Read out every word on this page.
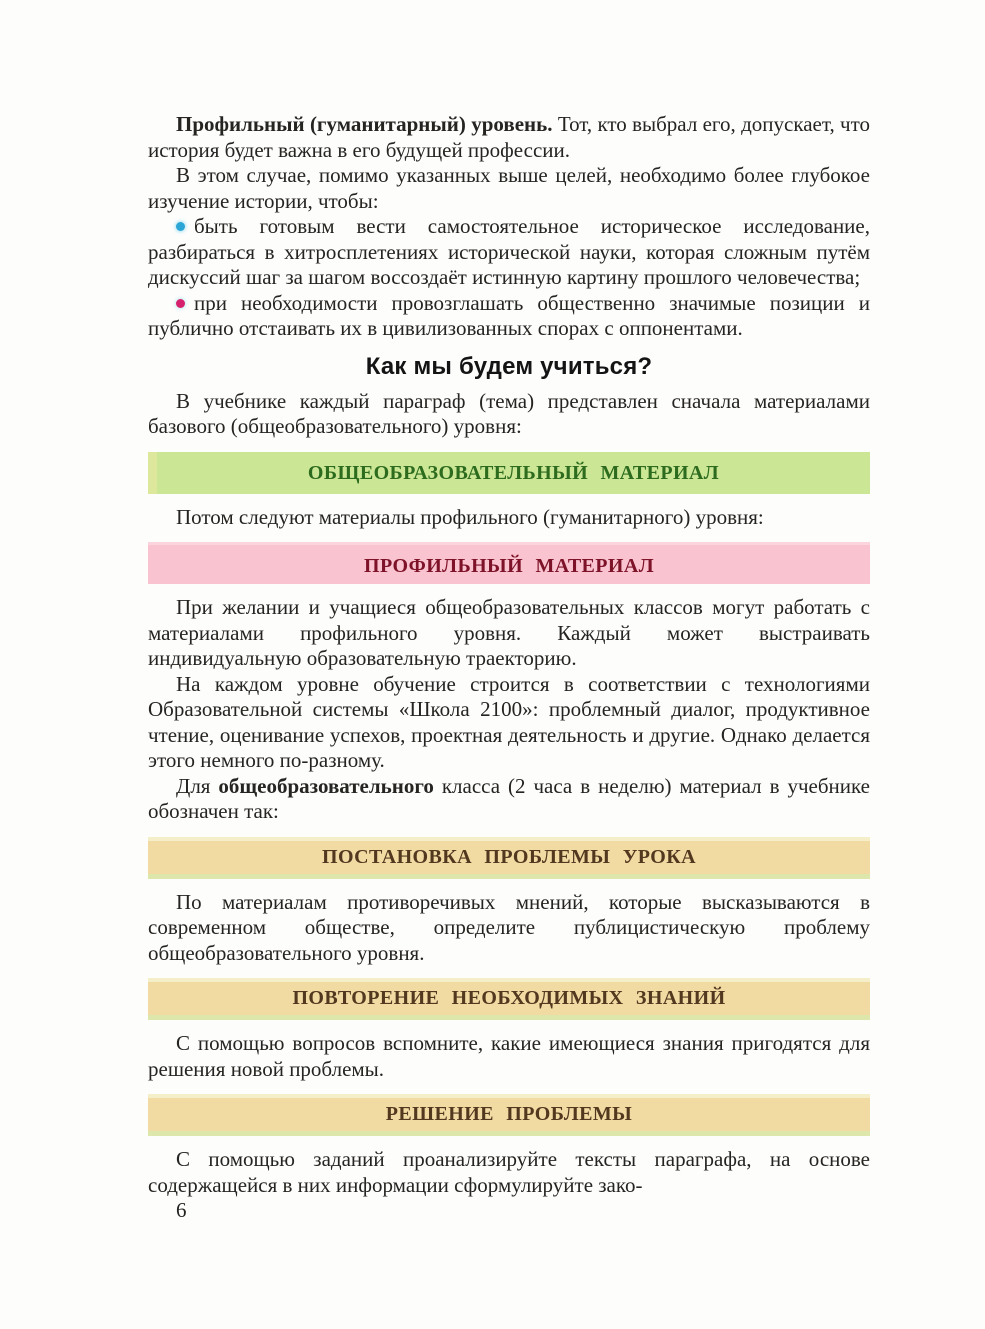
Профильный (гуманитарный) уровень. Тот, кто выбрал его, допускает, что история будет важна в его будущей профессии.

В этом случае, помимо указанных выше целей, необходимо более глубокое изучение истории, чтобы:

быть готовым вести самостоятельное историческое исследование, разбираться в хитросплетениях исторической науки, которая сложным путём дискуссий шаг за шагом воссоздаёт истинную картину прошлого человечества;

при необходимости провозглашать общественно значимые позиции и публично отстаивать их в цивилизованных спорах с оппонентами.

Как мы будем учиться?

В учебнике каждый параграф (тема) представлен сначала материалами базового (общеобразовательного) уровня:

ОБЩЕОБРАЗОВАТЕЛЬНЫЙ МАТЕРИАЛ

Потом следуют материалы профильного (гуманитарного) уровня:

ПРОФИЛЬНЫЙ МАТЕРИАЛ

При желании и учащиеся общеобразовательных классов могут работать с материалами профильного уровня. Каждый может выстраивать индивидуальную образовательную траекторию.

На каждом уровне обучение строится в соответствии с технологиями Образовательной системы «Школа 2100»: проблемный диалог, продуктивное чтение, оценивание успехов, проектная деятельность и другие. Однако делается этого немного по-разному.

Для общеобразовательного класса (2 часа в неделю) материал в учебнике обозначен так:

ПОСТАНОВКА ПРОБЛЕМЫ УРОКА

По материалам противоречивых мнений, которые высказываются в современном обществе, определите публицистическую проблему общеобразовательного уровня.

ПОВТОРЕНИЕ НЕОБХОДИМЫХ ЗНАНИЙ

С помощью вопросов вспомните, какие имеющиеся знания пригодятся для решения новой проблемы.

РЕШЕНИЕ ПРОБЛЕМЫ

С помощью заданий проанализируйте тексты параграфа, на основе содержащейся в них информации сформулируйте зако-

6
